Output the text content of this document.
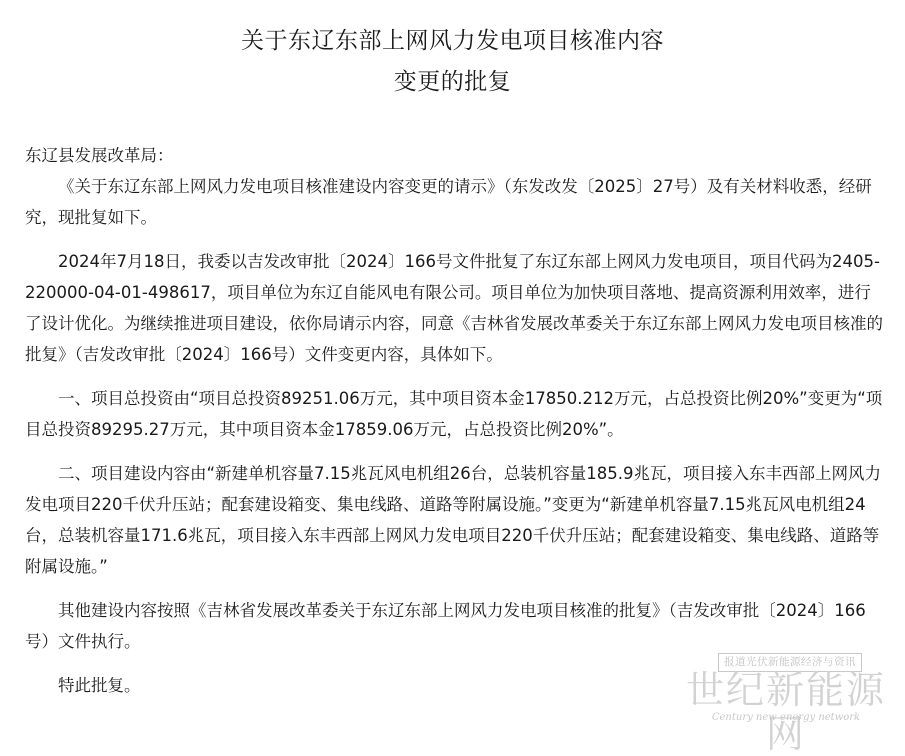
关于东辽东部上网风力发电项目核准内容
变更的批复

东辽县发展改革局：

《关于东辽东部上网风力发电项目核准建设内容变更的请示》（东发改发〔2025〕27号）及有关材料收悉，经研究，现批复如下。

2024年7月18日，我委以吉发改审批〔2024〕166号文件批复了东辽东部上网风力发电项目，项目代码为2405-220000-04-01-498617，项目单位为东辽自能风电有限公司。项目单位为加快项目落地、提高资源利用效率，进行了设计优化。为继续推进项目建设，依你局请示内容，同意《吉林省发展改革委关于东辽东部上网风力发电项目核准的批复》（吉发改审批〔2024〕166号）文件变更内容，具体如下。

一、项目总投资由“项目总投资89251.06万元，其中项目资本金17850.212万元，占总投资比例20%”变更为“项目总投资89295.27万元，其中项目资本金17859.06万元，占总投资比例20%”。

二、项目建设内容由“新建单机容量7.15兆瓦风电机组26台，总装机容量185.9兆瓦，项目接入东丰西部上网风力发电项目220千伏升压站；配套建设箱变、集电线路、道路等附属设施。”变更为“新建单机容量7.15兆瓦风电机组24台，总装机容量171.6兆瓦，项目接入东丰西部上网风力发电项目220千伏升压站；配套建设箱变、集电线路、道路等附属设施。”

其他建设内容按照《吉林省发展改革委关于东辽东部上网风力发电项目核准的批复》（吉发改审批〔2024〕166号）文件执行。

特此批复。

报道光伏新能源经济与资讯
世纪新能源网
Century new energy network
